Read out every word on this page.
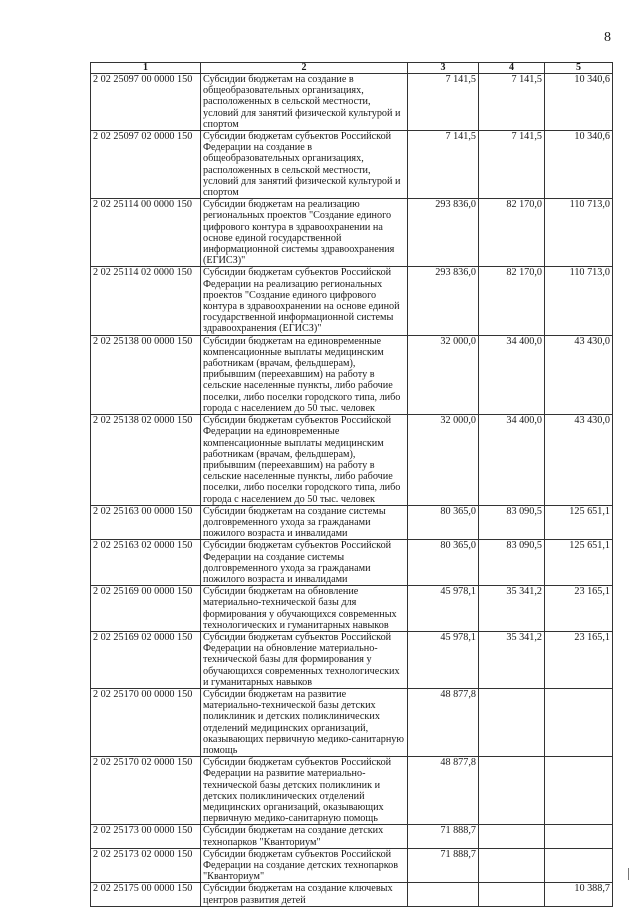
8
1	2	3	4	5
2 02 25097 00 0000 150	Субсидии бюджетам на создание в общеобразовательных организациях, расположенных в сельской местности, условий для занятий физической культурой и спортом	7 141,5	7 141,5	10 340,6
2 02 25097 02 0000 150	Субсидии бюджетам субъектов Российской Федерации на создание в общеобразовательных организациях, расположенных в сельской местности, условий для занятий физической культурой и спортом	7 141,5	7 141,5	10 340,6
2 02 25114 00 0000 150	Субсидии бюджетам на реализацию региональных проектов "Создание единого цифрового контура в здравоохранении на основе единой государственной информационной системы здравоохранения (ЕГИСЗ)"	293 836,0	82 170,0	110 713,0
2 02 25114 02 0000 150	Субсидии бюджетам субъектов Российской Федерации на реализацию региональных проектов "Создание единого цифрового контура в здравоохранении на основе единой государственной информационной системы здравоохранения (ЕГИСЗ)"	293 836,0	82 170,0	110 713,0
2 02 25138 00 0000 150	Субсидии бюджетам на единовременные компенсационные выплаты медицинским работникам (врачам, фельдшерам), прибывшим (переехавшим) на работу в сельские населенные пункты, либо рабочие поселки, либо поселки городского типа, либо города с населением до 50 тыс. человек	32 000,0	34 400,0	43 430,0
2 02 25138 02 0000 150	Субсидии бюджетам субъектов Российской Федерации на единовременные компенсационные выплаты медицинским работникам (врачам, фельдшерам), прибывшим (переехавшим) на работу в сельские населенные пункты, либо рабочие поселки, либо поселки городского типа, либо города с населением до 50 тыс. человек	32 000,0	34 400,0	43 430,0
2 02 25163 00 0000 150	Субсидии бюджетам на создание системы долговременного ухода за гражданами пожилого возраста и инвалидами	80 365,0	83 090,5	125 651,1
2 02 25163 02 0000 150	Субсидии бюджетам субъектов Российской Федерации на создание системы долговременного ухода за гражданами пожилого возраста и инвалидами	80 365,0	83 090,5	125 651,1
2 02 25169 00 0000 150	Субсидии бюджетам на обновление материально-технической базы для формирования у обучающихся современных технологических и гуманитарных навыков	45 978,1	35 341,2	23 165,1
2 02 25169 02 0000 150	Субсидии бюджетам субъектов Российской Федерации на обновление материально-технической базы для формирования у обучающихся современных технологических и гуманитарных навыков	45 978,1	35 341,2	23 165,1
2 02 25170 00 0000 150	Субсидии бюджетам на развитие материально-технической базы детских поликлиник и детских поликлинических отделений медицинских организаций, оказывающих первичную медико-санитарную помощь	48 877,8		
2 02 25170 02 0000 150	Субсидии бюджетам субъектов Российской Федерации на развитие материально-технической базы детских поликлиник и детских поликлинических отделений медицинских организаций, оказывающих первичную медико-санитарную помощь	48 877,8		
2 02 25173 00 0000 150	Субсидии бюджетам на создание детских технопарков "Кванториум"	71 888,7		
2 02 25173 02 0000 150	Субсидии бюджетам субъектов Российской Федерации на создание детских технопарков "Кванториум"	71 888,7		
2 02 25175 00 0000 150	Субсидии бюджетам на создание ключевых центров развития детей			10 388,7
